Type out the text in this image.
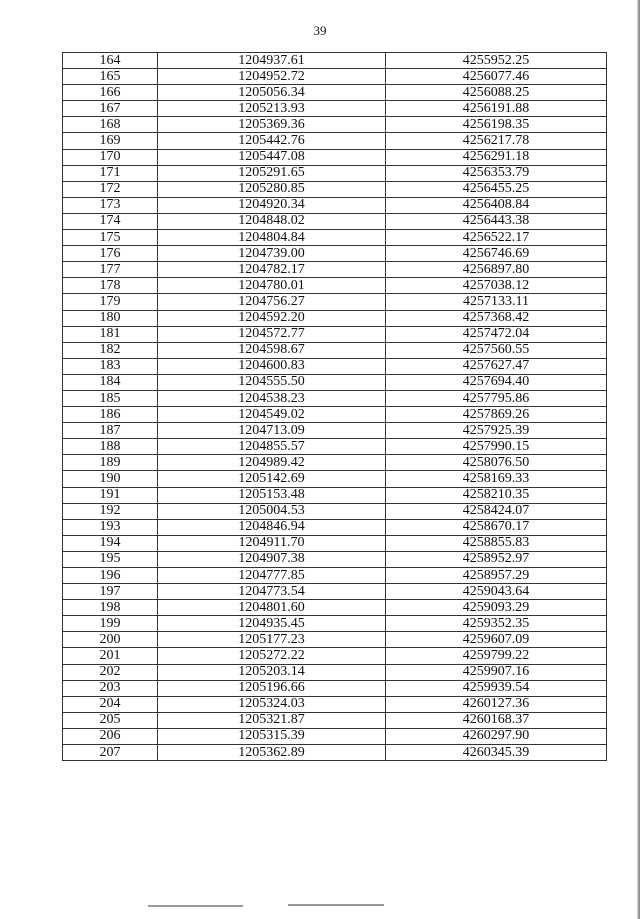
39
164	1204937.61	4255952.25
165	1204952.72	4256077.46
166	1205056.34	4256088.25
167	1205213.93	4256191.88
168	1205369.36	4256198.35
169	1205442.76	4256217.78
170	1205447.08	4256291.18
171	1205291.65	4256353.79
172	1205280.85	4256455.25
173	1204920.34	4256408.84
174	1204848.02	4256443.38
175	1204804.84	4256522.17
176	1204739.00	4256746.69
177	1204782.17	4256897.80
178	1204780.01	4257038.12
179	1204756.27	4257133.11
180	1204592.20	4257368.42
181	1204572.77	4257472.04
182	1204598.67	4257560.55
183	1204600.83	4257627.47
184	1204555.50	4257694.40
185	1204538.23	4257795.86
186	1204549.02	4257869.26
187	1204713.09	4257925.39
188	1204855.57	4257990.15
189	1204989.42	4258076.50
190	1205142.69	4258169.33
191	1205153.48	4258210.35
192	1205004.53	4258424.07
193	1204846.94	4258670.17
194	1204911.70	4258855.83
195	1204907.38	4258952.97
196	1204777.85	4258957.29
197	1204773.54	4259043.64
198	1204801.60	4259093.29
199	1204935.45	4259352.35
200	1205177.23	4259607.09
201	1205272.22	4259799.22
202	1205203.14	4259907.16
203	1205196.66	4259939.54
204	1205324.03	4260127.36
205	1205321.87	4260168.37
206	1205315.39	4260297.90
207	1205362.89	4260345.39
